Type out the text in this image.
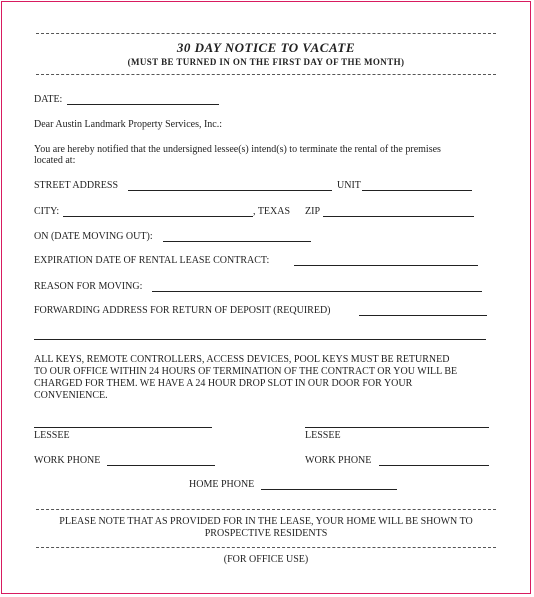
30 DAY NOTICE TO VACATE
(MUST BE TURNED IN ON THE FIRST DAY OF THE MONTH)
DATE:
Dear Austin Landmark Property Services, Inc.:
You are hereby notified that the undersigned lessee(s) intend(s) to terminate the rental of the premises
located at:
STREET ADDRESS	UNIT
CITY:	, TEXAS ZIP
ON (DATE MOVING OUT):
EXPIRATION DATE OF RENTAL LEASE CONTRACT:
REASON FOR MOVING:
FORWARDING ADDRESS FOR RETURN OF DEPOSIT (REQUIRED)
ALL KEYS, REMOTE CONTROLLERS, ACCESS DEVICES, POOL KEYS MUST BE RETURNED
TO OUR OFFICE WITHIN 24 HOURS OF TERMINATION OF THE CONTRACT OR YOU WILL BE
CHARGED FOR THEM. WE HAVE A 24 HOUR DROP SLOT IN OUR DOOR FOR YOUR
CONVENIENCE.
LESSEE	LESSEE
WORK PHONE	WORK PHONE
HOME PHONE
PLEASE NOTE THAT AS PROVIDED FOR IN THE LEASE, YOUR HOME WILL BE SHOWN TO
PROSPECTIVE RESIDENTS
(FOR OFFICE USE)
